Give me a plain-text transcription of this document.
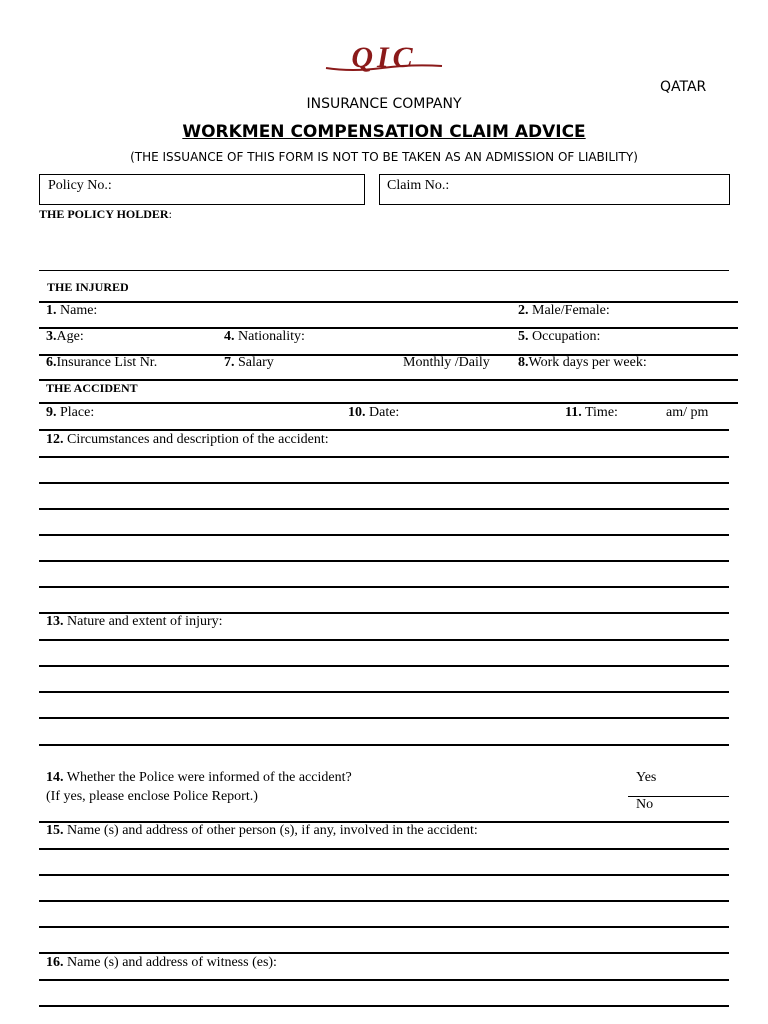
QIC
QATAR
INSURANCE COMPANY
WORKMEN COMPENSATION CLAIM ADVICE
(THE ISSUANCE OF THIS FORM IS NOT TO BE TAKEN AS AN ADMISSION OF LIABILITY)
Policy No.:	Claim No.:
THE POLICY HOLDER:
THE INJURED
1. Name:	2. Male/Female:
3.Age:	4. Nationality:	5. Occupation:
6.Insurance List Nr.	7. Salary	Monthly /Daily 8.Work days per week:
THE ACCIDENT
9. Place:	10. Date:	11. Time:	am/ pm
12. Circumstances and description of the accident:
13. Nature and extent of injury:
14. Whether the Police were informed of the accident?
(If yes, please enclose Police Report.)
Yes
No
15. Name (s) and address of other person (s), if any, involved in the accident:
16. Name (s) and address of witness (es):
